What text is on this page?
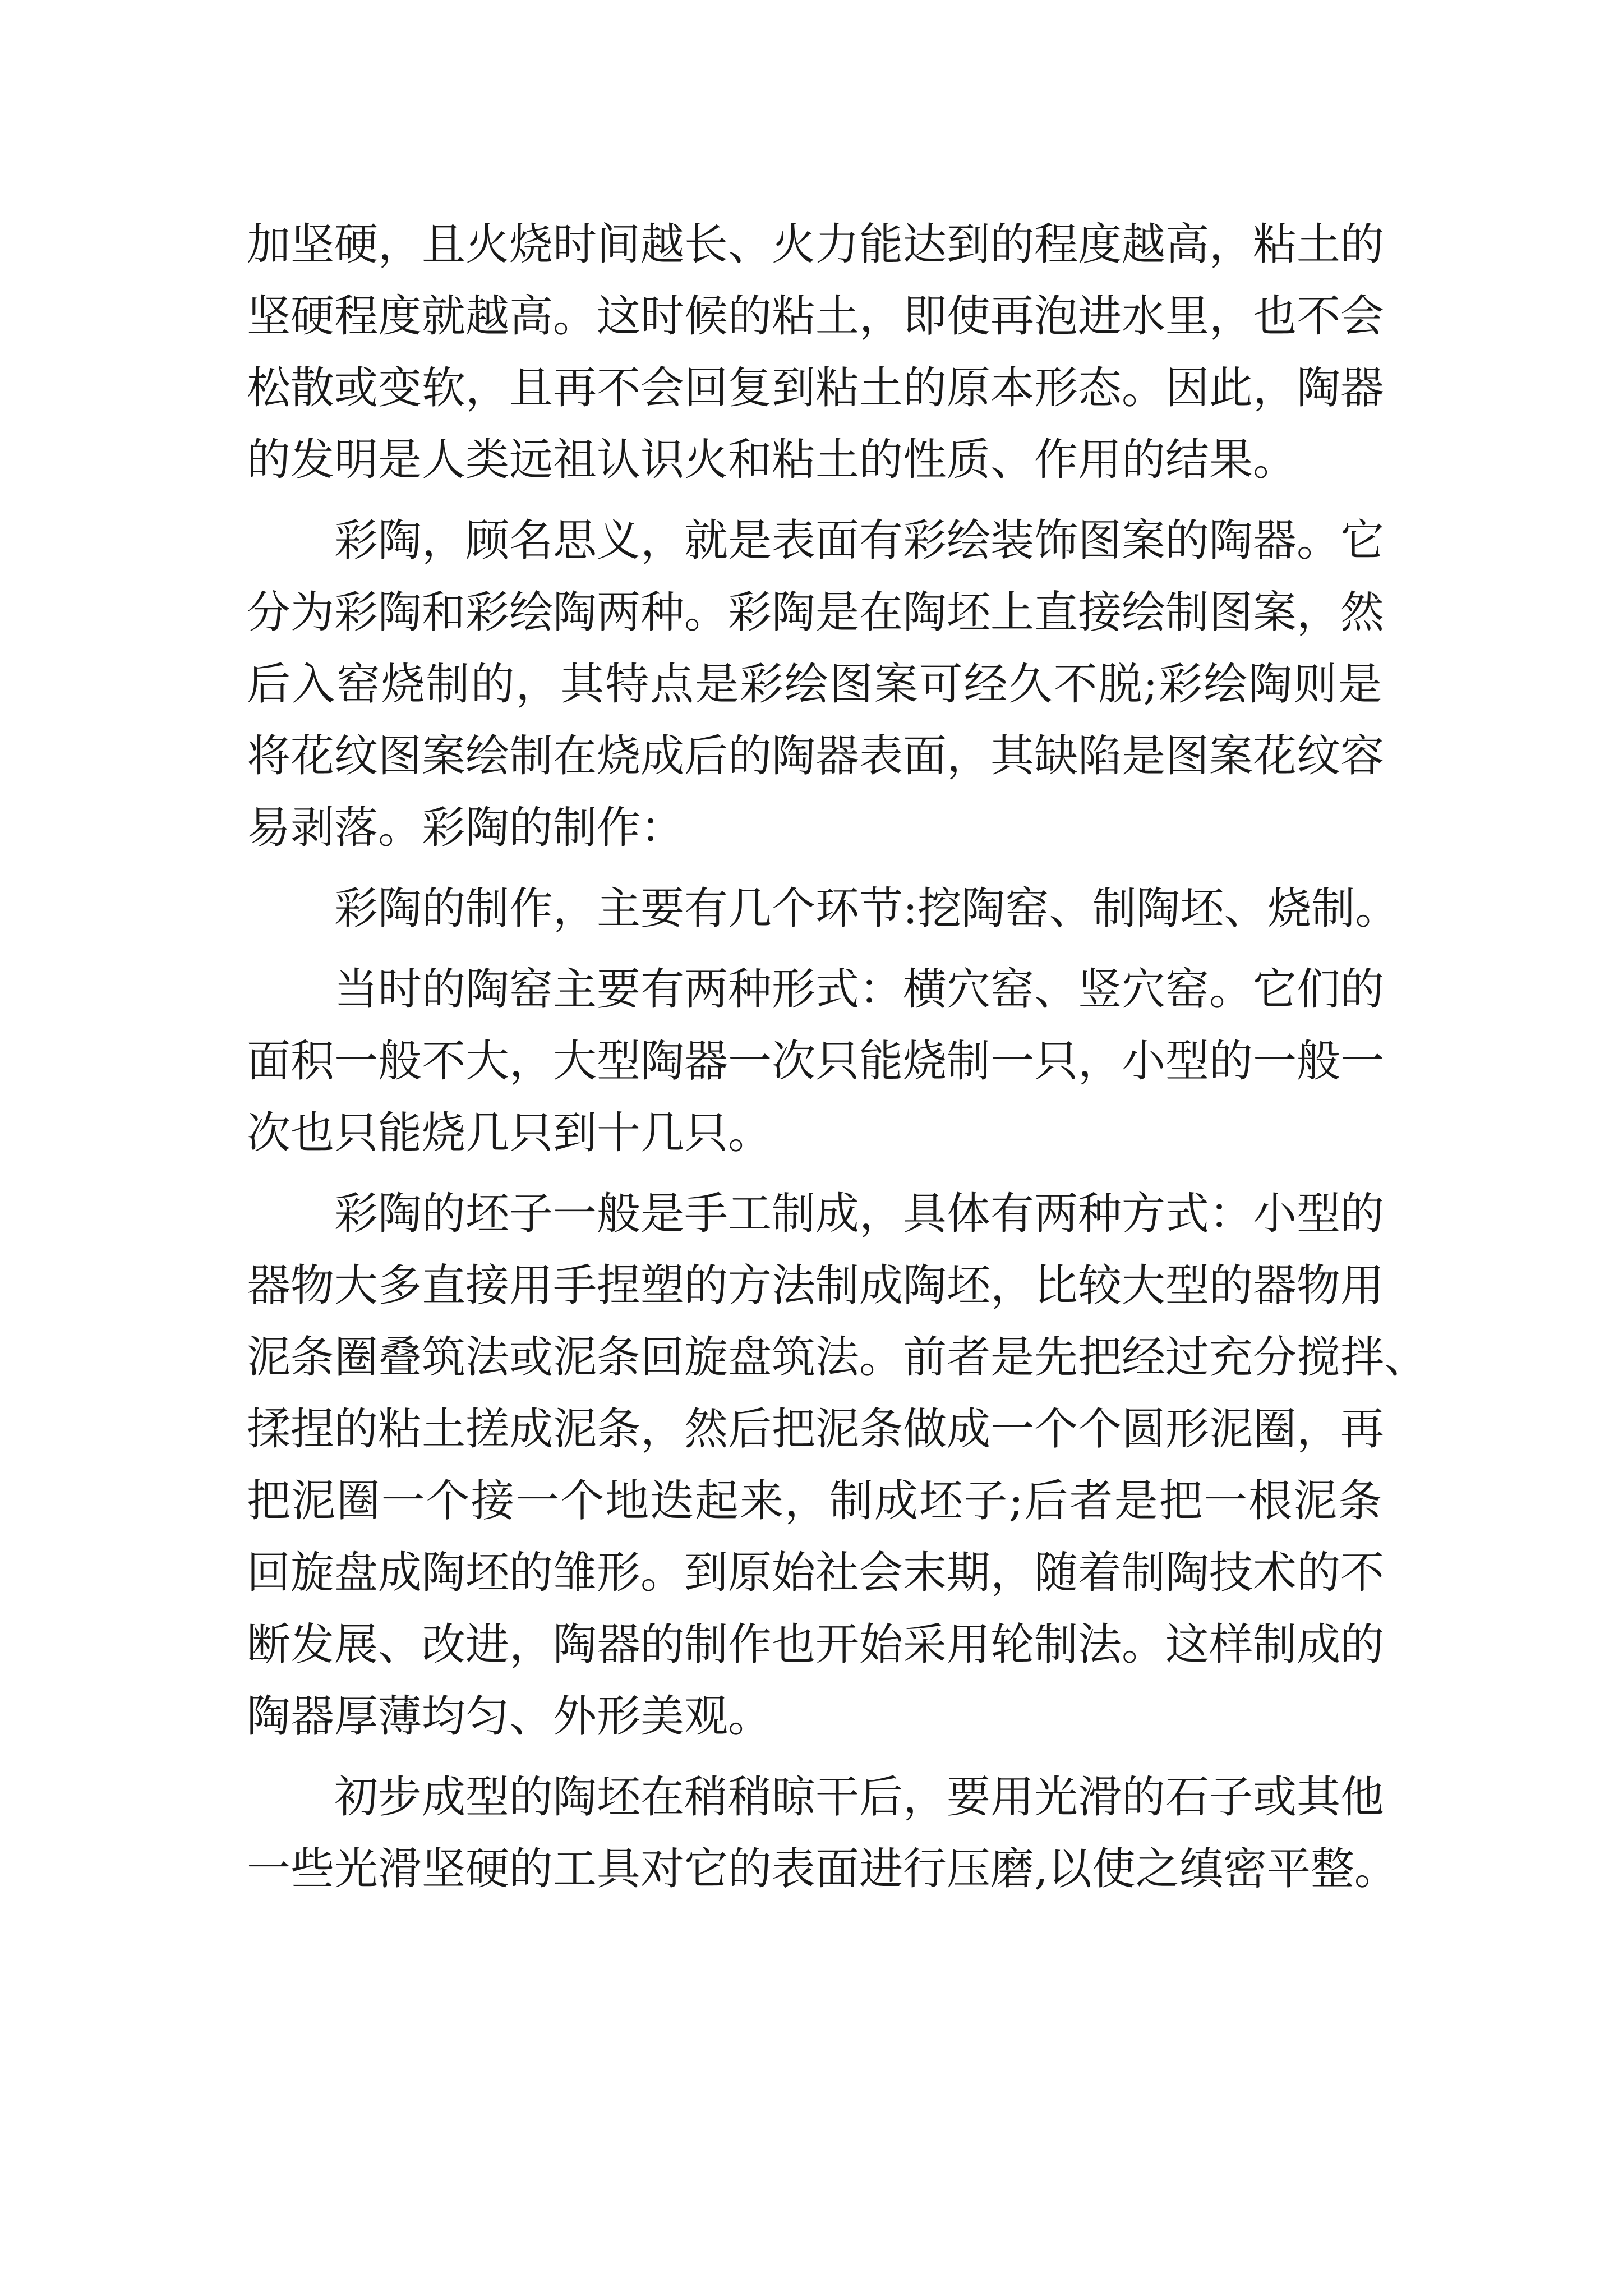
加坚硬，且火烧时间越长、火力能达到的程度越高，粘土的
坚硬程度就越高。这时候的粘土，即使再泡进水里，也不会
松散或变软，且再不会回复到粘土的原本形态。因此，陶器
的发明是人类远祖认识火和粘土的性质、作用的结果。
彩陶，顾名思义，就是表面有彩绘装饰图案的陶器。它
分为彩陶和彩绘陶两种。彩陶是在陶坯上直接绘制图案，然
后入窑烧制的，其特点是彩绘图案可经久不脱;彩绘陶则是
将花纹图案绘制在烧成后的陶器表面，其缺陷是图案花纹容
易剥落。彩陶的制作：
彩陶的制作，主要有几个环节:挖陶窑、制陶坯、烧制。
当时的陶窑主要有两种形式：横穴窑、竖穴窑。它们的
面积一般不大，大型陶器一次只能烧制一只，小型的一般一
次也只能烧几只到十几只。
彩陶的坯子一般是手工制成，具体有两种方式：小型的
器物大多直接用手捏塑的方法制成陶坯，比较大型的器物用
泥条圈叠筑法或泥条回旋盘筑法。前者是先把经过充分搅拌、
揉捏的粘土搓成泥条，然后把泥条做成一个个圆形泥圈，再
把泥圈一个接一个地迭起来，制成坯子;后者是把一根泥条
回旋盘成陶坯的雏形。到原始社会末期，随着制陶技术的不
断发展、改进，陶器的制作也开始采用轮制法。这样制成的
陶器厚薄均匀、外形美观。
初步成型的陶坯在稍稍晾干后，要用光滑的石子或其他
一些光滑坚硬的工具对它的表面进行压磨,以使之缜密平整。
